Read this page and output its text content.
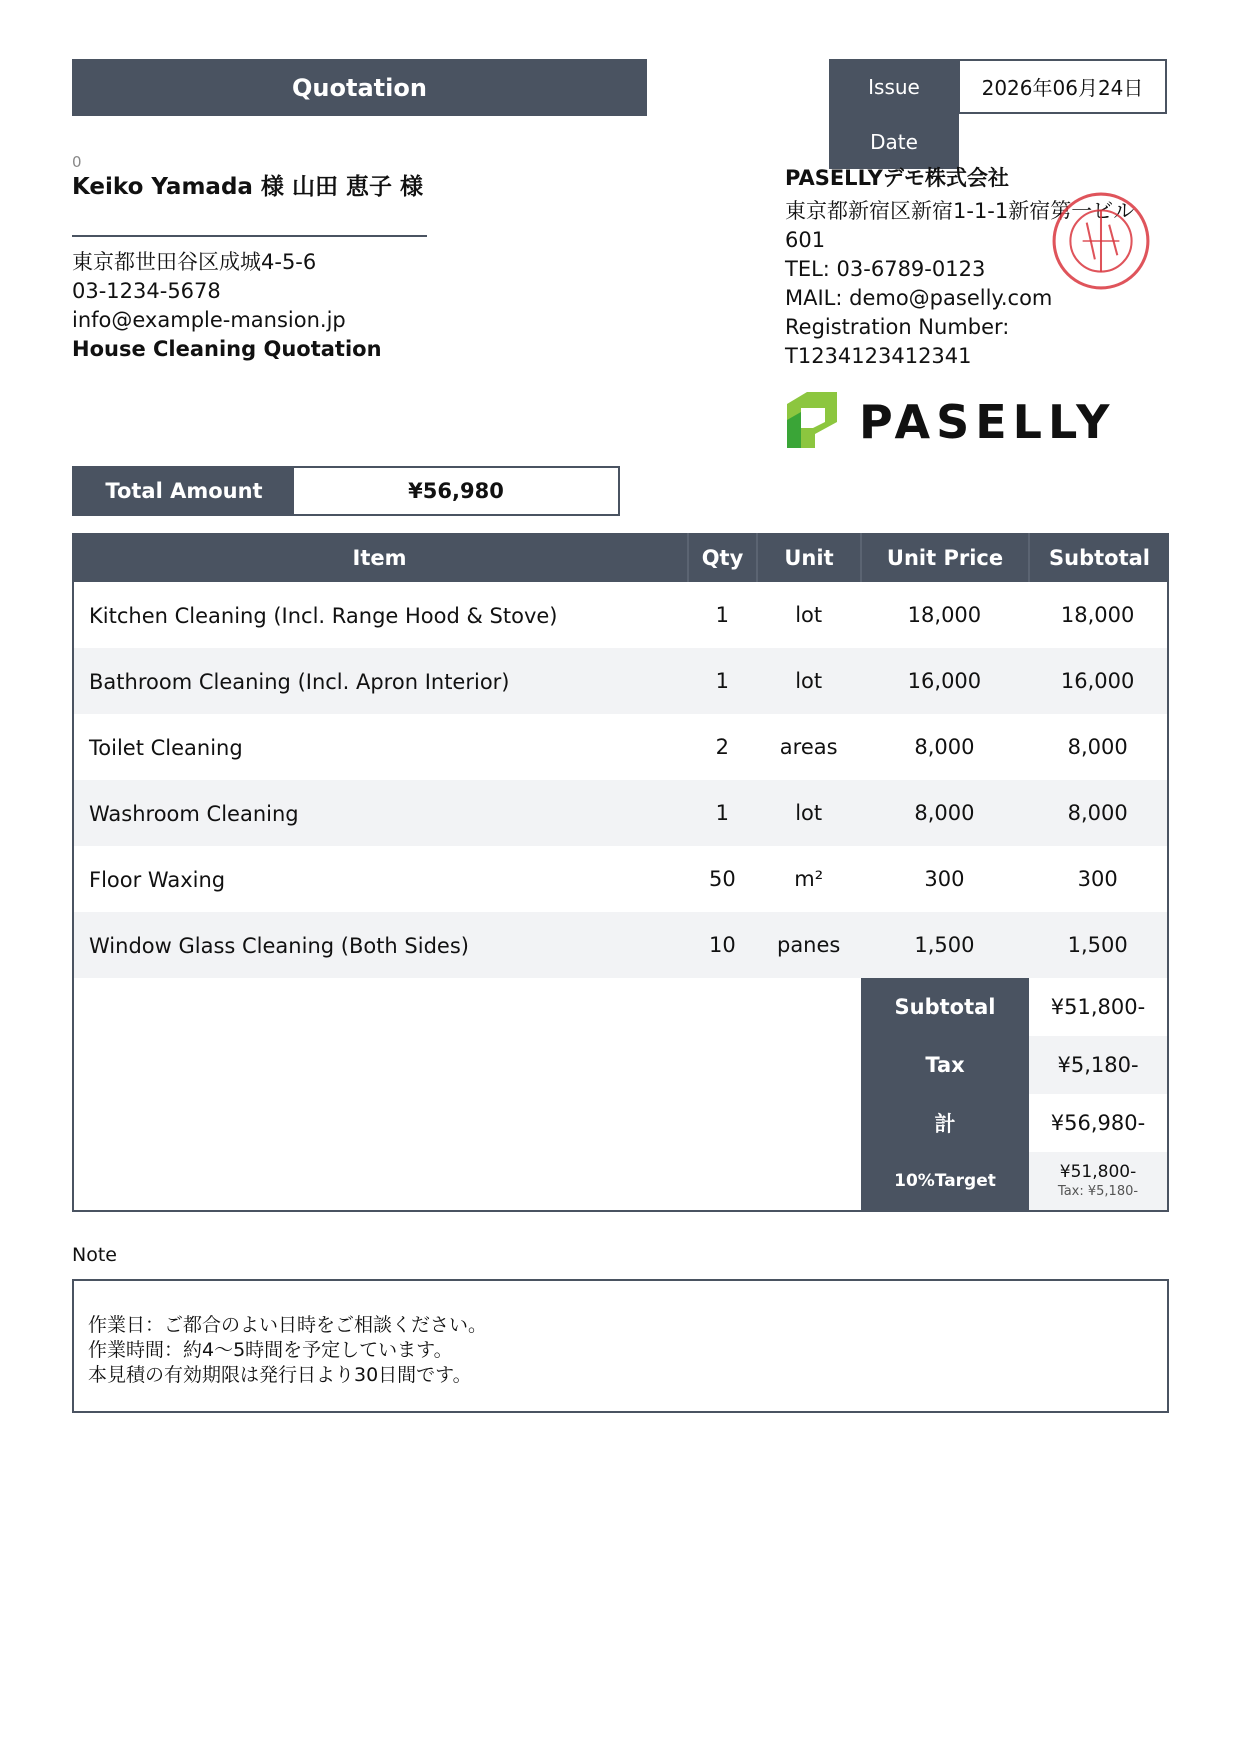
Quotation	Issue
Date
2026年06月24日
0
Keiko Yamada 様 山田 恵子 様
東京都世田谷区成城4-5-6
03-1234-5678
info@example-mansion.jp
House Cleaning Quotation
PASELLYデモ株式会社
東京都新宿区新宿1-1-1新宿第一ビル
601
TEL: 03-6789-0123
MAIL: demo@paselly.com
Registration Number:
T1234123412341
PASELLY
Total Amount	¥56,980
Item	Qty	Unit	Unit Price	Subtotal
Kitchen Cleaning (Incl. Range Hood & Stove)	1	lot	18,000	18,000
Bathroom Cleaning (Incl. Apron Interior)	1	lot	16,000	16,000
Toilet Cleaning	2	areas	8,000	8,000
Washroom Cleaning	1	lot	8,000	8,000
Floor Waxing	50	m²	300	300
Window Glass Cleaning (Both Sides)	10	panes	1,500	1,500
Subtotal	¥51,800-
Tax	¥5,180-
計	¥56,980-
10%Target	¥51,800-
Tax: ¥5,180-
Note
作業日：ご都合のよい日時をご相談ください。
作業時間：約4〜5時間を予定しています。
本見積の有効期限は発行日より30日間です。
